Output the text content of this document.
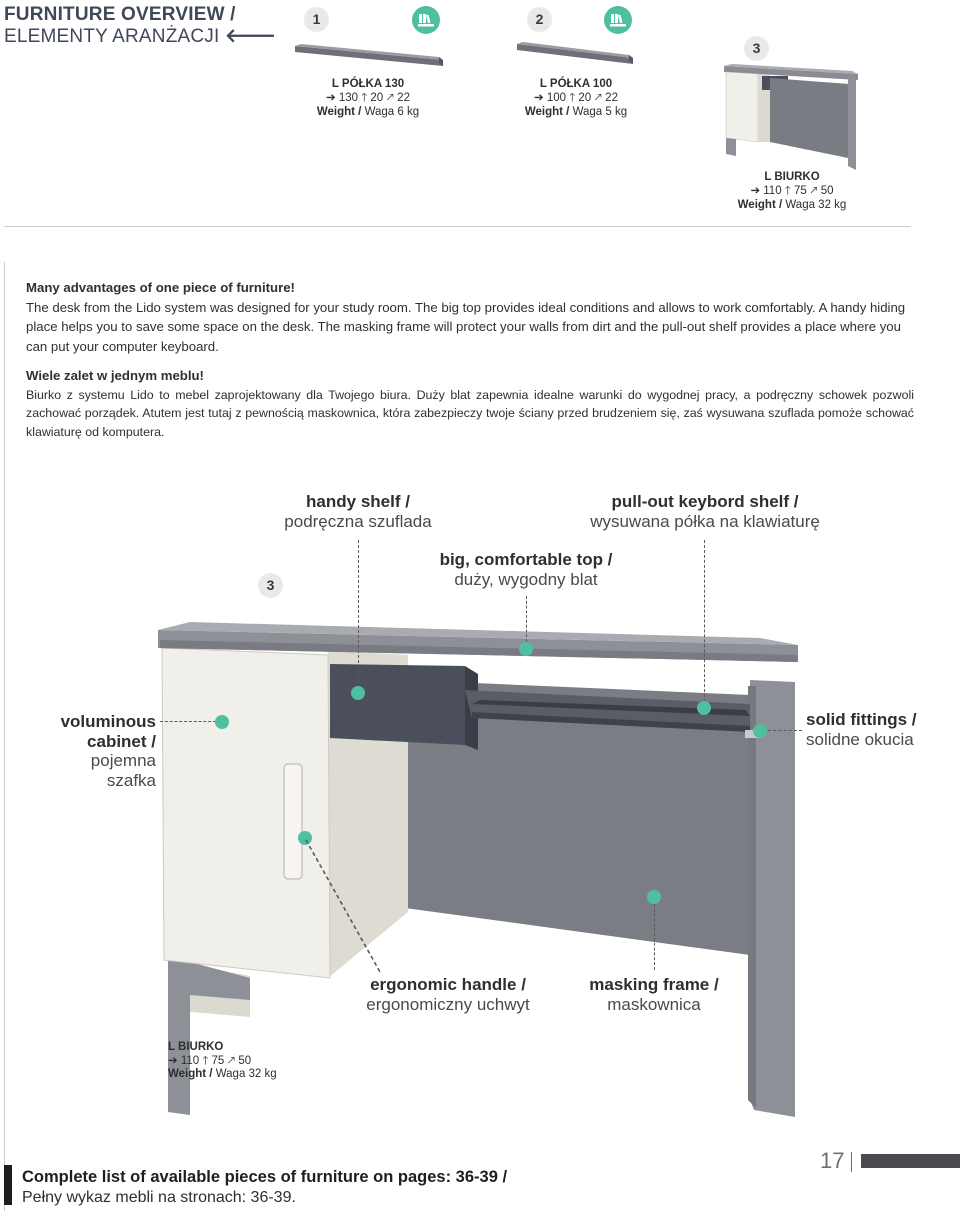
FURNITURE OVERVIEW /
ELEMENTY ARANŻACJI 🡐
1
L PÓŁKA 130
➔ 130 🡑 20 🡕 22
Weight / Waga 6 kg
2
L PÓŁKA 100
➔ 100 🡑 20 🡕 22
Weight / Waga 5 kg
3
L BIURKO
➔ 110 🡑 75 🡕 50
Weight / Waga 32 kg
Many advantages of one piece of furniture!
The desk from the Lido system was designed for your study room. The big top provides ideal conditions and allows to work comfortably. A handy hiding place helps you to save some space on the desk. The masking frame will protect your walls from dirt and the pull-out shelf provides a place where you can put your computer keyboard.
Wiele zalet w jednym meblu!
Biurko z systemu Lido to mebel zaprojektowany dla Twojego biura. Duży blat zapewnia idealne warunki do wygodnej pracy, a podręczny schowek pozwoli zachować porządek. Atutem jest tutaj z pewnością maskownica, która zabezpieczy twoje ściany przed brudzeniem się, zaś wysuwana szuflada pomoże schować klawiaturę od komputera.
3
handy shelf /
podręczna szuflada
pull-out keybord shelf /
wysuwana półka na klawiaturę
big, comfortable top /
duży, wygodny blat
voluminous
cabinet /
pojemna
szafka
solid fittings /
solidne okucia
ergonomic handle /
ergonomiczny uchwyt
masking frame /
maskownica
L BIURKO
➔ 110 🡑 75 🡕 50
Weight / Waga 32 kg
Complete list of available pieces of furniture on pages: 36-39 /
Pełny wykaz mebli na stronach: 36-39.
17
